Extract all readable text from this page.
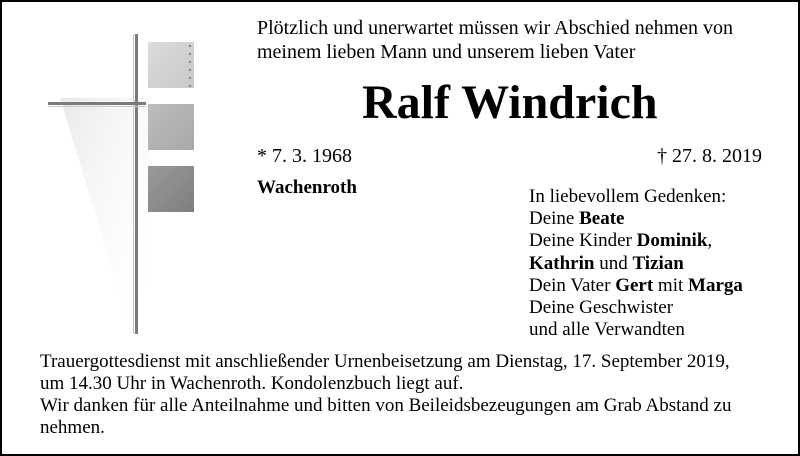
Plötzlich und unerwartet müssen wir Abschied nehmen von
meinem lieben Mann und unserem lieben Vater
Ralf Windrich
* 7. 3. 1968	† 27. 8. 2019
Wachenroth	In liebevollem Gedenken:
Deine Beate
Deine Kinder Dominik,
Kathrin und Tizian
Dein Vater Gert mit Marga
Deine Geschwister
und alle Verwandten
Trauergottesdienst mit anschließender Urnenbeisetzung am Dienstag, 17. September 2019,
um 14.30 Uhr in Wachenroth. Kondolenzbuch liegt auf.
Wir danken für alle Anteilnahme und bitten von Beileidsbezeugungen am Grab Abstand zu
nehmen.
